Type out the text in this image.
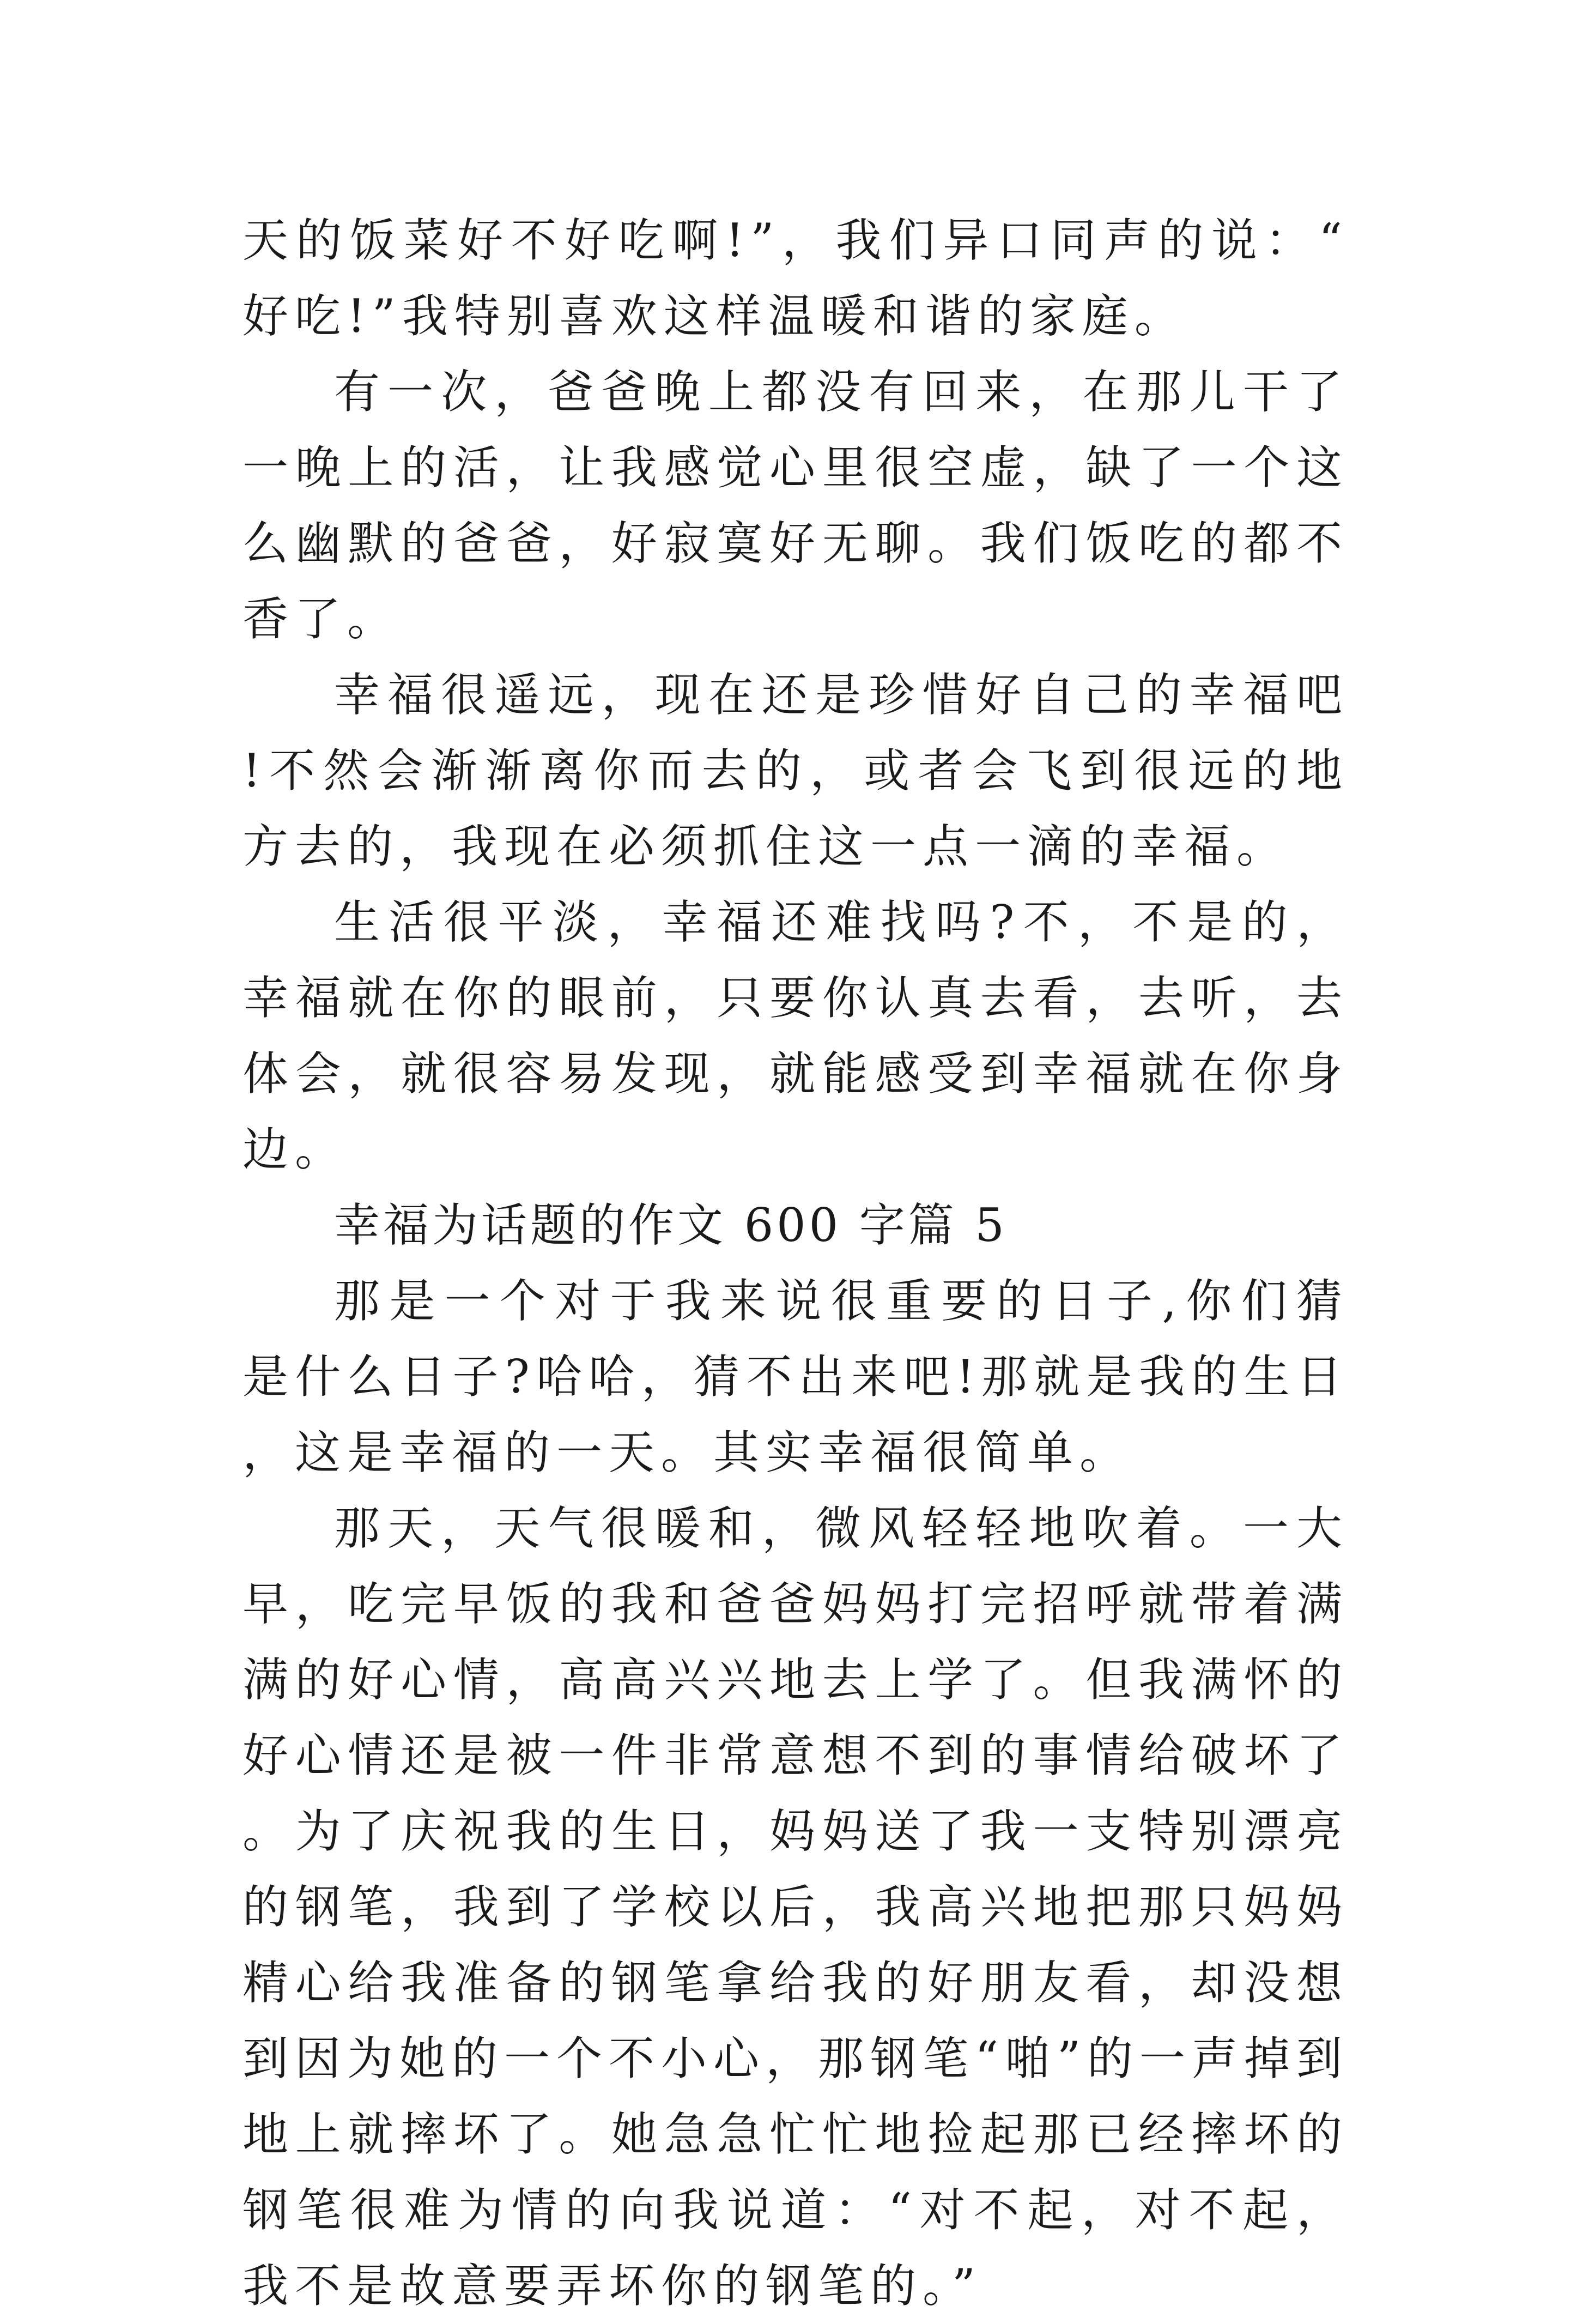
天的饭菜好不好吃啊!”，我们异口同声的说：“好吃!”我特别喜欢这样温暖和谐的家庭。

有一次，爸爸晚上都没有回来，在那儿干了一晚上的活，让我感觉心里很空虚，缺了一个这么幽默的爸爸，好寂寞好无聊。我们饭吃的都不香了。

幸福很遥远，现在还是珍惜好自己的幸福吧!不然会渐渐离你而去的，或者会飞到很远的地方去的，我现在必须抓住这一点一滴的幸福。

生活很平淡，幸福还难找吗?不，不是的，幸福就在你的眼前，只要你认真去看，去听，去体会，就很容易发现，就能感受到幸福就在你身边。

幸福为话题的作文 600 字篇 5

那是一个对于我来说很重要的日子,你们猜是什么日子?哈哈，猜不出来吧!那就是我的生日，这是幸福的一天。其实幸福很简单。

那天，天气很暖和，微风轻轻地吹着。一大早，吃完早饭的我和爸爸妈妈打完招呼就带着满满的好心情，高高兴兴地去上学了。但我满怀的好心情还是被一件非常意想不到的事情给破坏了。为了庆祝我的生日，妈妈送了我一支特别漂亮的钢笔，我到了学校以后，我高兴地把那只妈妈精心给我准备的钢笔拿给我的好朋友看，却没想到因为她的一个不小心，那钢笔“啪”的一声掉到地上就摔坏了。她急急忙忙地捡起那已经摔坏的钢笔很难为情的向我说道：“对不起，对不起，我不是故意要弄坏你的钢笔的。”
